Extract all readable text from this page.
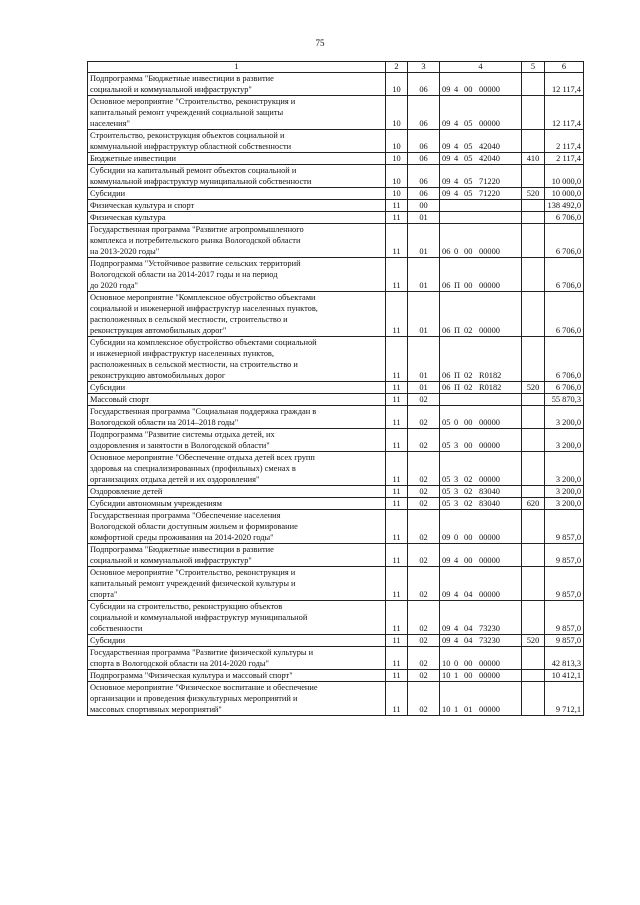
75
1	2	3	4	5	6
Подпрограмма "Бюджетные инвестиции в развитие
социальной и коммунальной инфраструктур"	10	06	09 4 00 00000		12 117,4
Основное мероприятие "Строительство, реконструкция и
капитальный ремонт учреждений социальной защиты
населения"	10	06	09 4 05 00000		12 117,4
Строительство, реконструкция объектов социальной и
коммунальной инфраструктур областной собственности	10	06	09 4 05 42040		2 117,4
Бюджетные инвестиции	10	06	09 4 05 42040	410	2 117,4
Субсидии на капитальный ремонт объектов социальной и
коммунальной инфраструктур муниципальной собственности	10	06	09 4 05 71220		10 000,0
Субсидии	10	06	09 4 05 71220	520	10 000,0
Физическая культура и спорт	11	00			138 492,0
Физическая культура	11	01			6 706,0
Государственная программа "Развитие агропромышленного
комплекса и потребительского рынка Вологодской области
на 2013-2020 годы"	11	01	06 0 00 00000		6 706,0
Подпрограмма "Устойчивое развитие сельских территорий
Вологодской области на 2014-2017 годы и на период
до 2020 года"	11	01	06 П 00 00000		6 706,0
Основное мероприятие "Комплексное обустройство объектами
социальной и инженерной инфраструктур населенных пунктов,
расположенных в сельской местности, строительство и
реконструкция автомобильных дорог"	11	01	06 П 02 00000		6 706,0
Субсидии на комплексное обустройство объектами социальной
и инженерной инфраструктур населенных пунктов,
расположенных в сельской местности, на строительство и
реконструкцию автомобильных дорог	11	01	06 П 02 R0182		6 706,0
Субсидии	11	01	06 П 02 R0182	520	6 706,0
Массовый спорт	11	02			55 870,3
Государственная программа "Социальная поддержка граждан в
Вологодской области на 2014–2018 годы"	11	02	05 0 00 00000		3 200,0
Подпрограмма "Развитие системы отдыха детей, их
оздоровления и занятости в Вологодской области"	11	02	05 3 00 00000		3 200,0
Основное мероприятие "Обеспечение отдыха детей всех групп
здоровья на специализированных (профильных) сменах в
организациях отдыха детей и их оздоровления"	11	02	05 3 02 00000		3 200,0
Оздоровление детей	11	02	05 3 02 83040		3 200,0
Субсидии автономным учреждениям	11	02	05 3 02 83040	620	3 200,0
Государственная программа "Обеспечение населения
Вологодской области доступным жильем и формирование
комфортной среды проживания на 2014-2020 годы"	11	02	09 0 00 00000		9 857,0
Подпрограмма "Бюджетные инвестиции в развитие
социальной и коммунальной инфраструктур"	11	02	09 4 00 00000		9 857,0
Основное мероприятие "Строительство, реконструкция и
капитальный ремонт учреждений физической культуры и
спорта"	11	02	09 4 04 00000		9 857,0
Субсидии на строительство, реконструкцию объектов
социальной и коммунальной инфраструктур муниципальной
собственности	11	02	09 4 04 73230		9 857,0
Субсидии	11	02	09 4 04 73230	520	9 857,0
Государственная программа "Развитие физической культуры и
спорта в Вологодской области на 2014-2020 годы"	11	02	10 0 00 00000		42 813,3
Подпрограмма "Физическая культура и массовый спорт"	11	02	10 1 00 00000		10 412,1
Основное мероприятие "Физическое воспитание и обеспечение
организации и проведения физкультурных мероприятий и
массовых спортивных мероприятий"	11	02	10 1 01 00000		9 712,1
